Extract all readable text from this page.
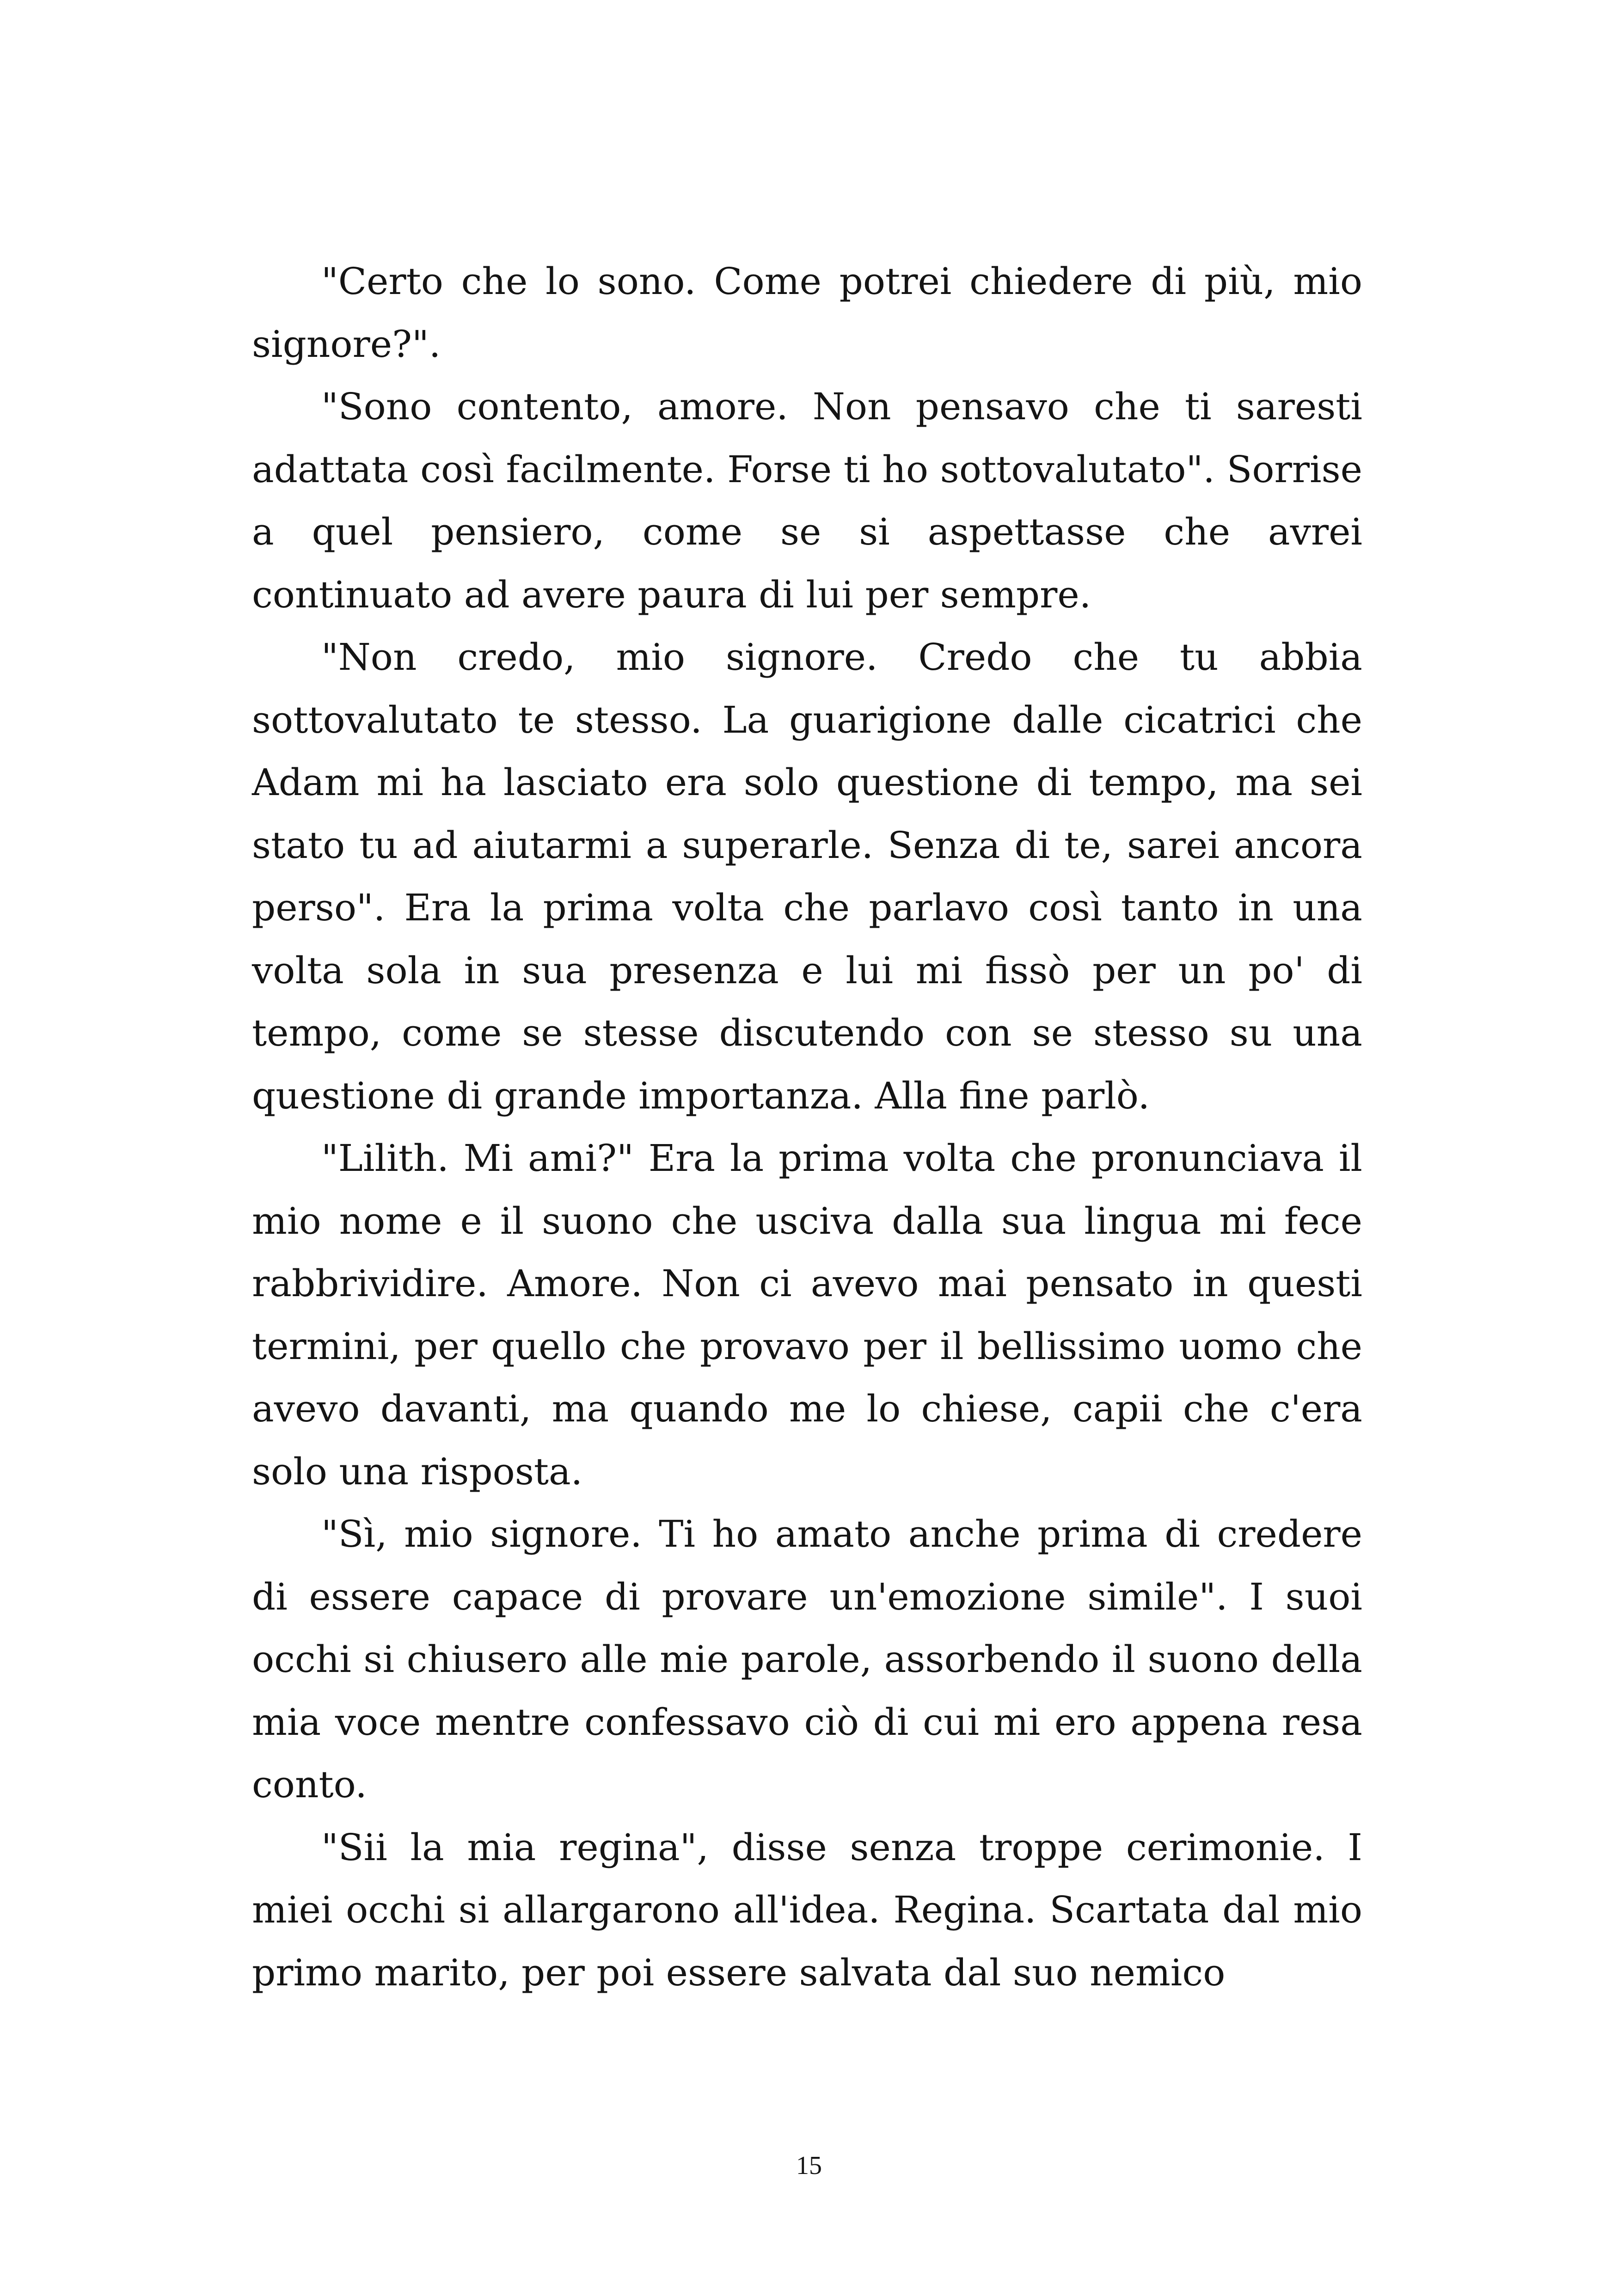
"Certo che lo sono. Come potrei chiedere di più, mio signore?".

"Sono contento, amore. Non pensavo che ti saresti adattata così facilmente. Forse ti ho sottovalutato". Sorrise a quel pensiero, come se si aspettasse che avrei continuato ad avere paura di lui per sempre.

"Non credo, mio signore. Credo che tu abbia sottovalutato te stesso. La guarigione dalle cicatrici che Adam mi ha lasciato era solo questione di tempo, ma sei stato tu ad aiutarmi a superarle. Senza di te, sarei ancora perso". Era la prima volta che parlavo così tanto in una volta sola in sua presenza e lui mi fissò per un po' di tempo, come se stesse discutendo con se stesso su una questione di grande importanza. Alla fine parlò.

"Lilith. Mi ami?" Era la prima volta che pronunciava il mio nome e il suono che usciva dalla sua lingua mi fece rabbrividire. Amore. Non ci avevo mai pensato in questi termini, per quello che provavo per il bellissimo uomo che avevo davanti, ma quando me lo chiese, capii che c'era solo una risposta.

"Sì, mio signore. Ti ho amato anche prima di credere di essere capace di provare un'emozione simile". I suoi occhi si chiusero alle mie parole, assorbendo il suono della mia voce mentre confessavo ciò di cui mi ero appena resa conto.

"Sii la mia regina", disse senza troppe cerimonie. I miei occhi si allargarono all'idea. Regina. Scartata dal mio primo marito, per poi essere salvata dal suo nemico

15
